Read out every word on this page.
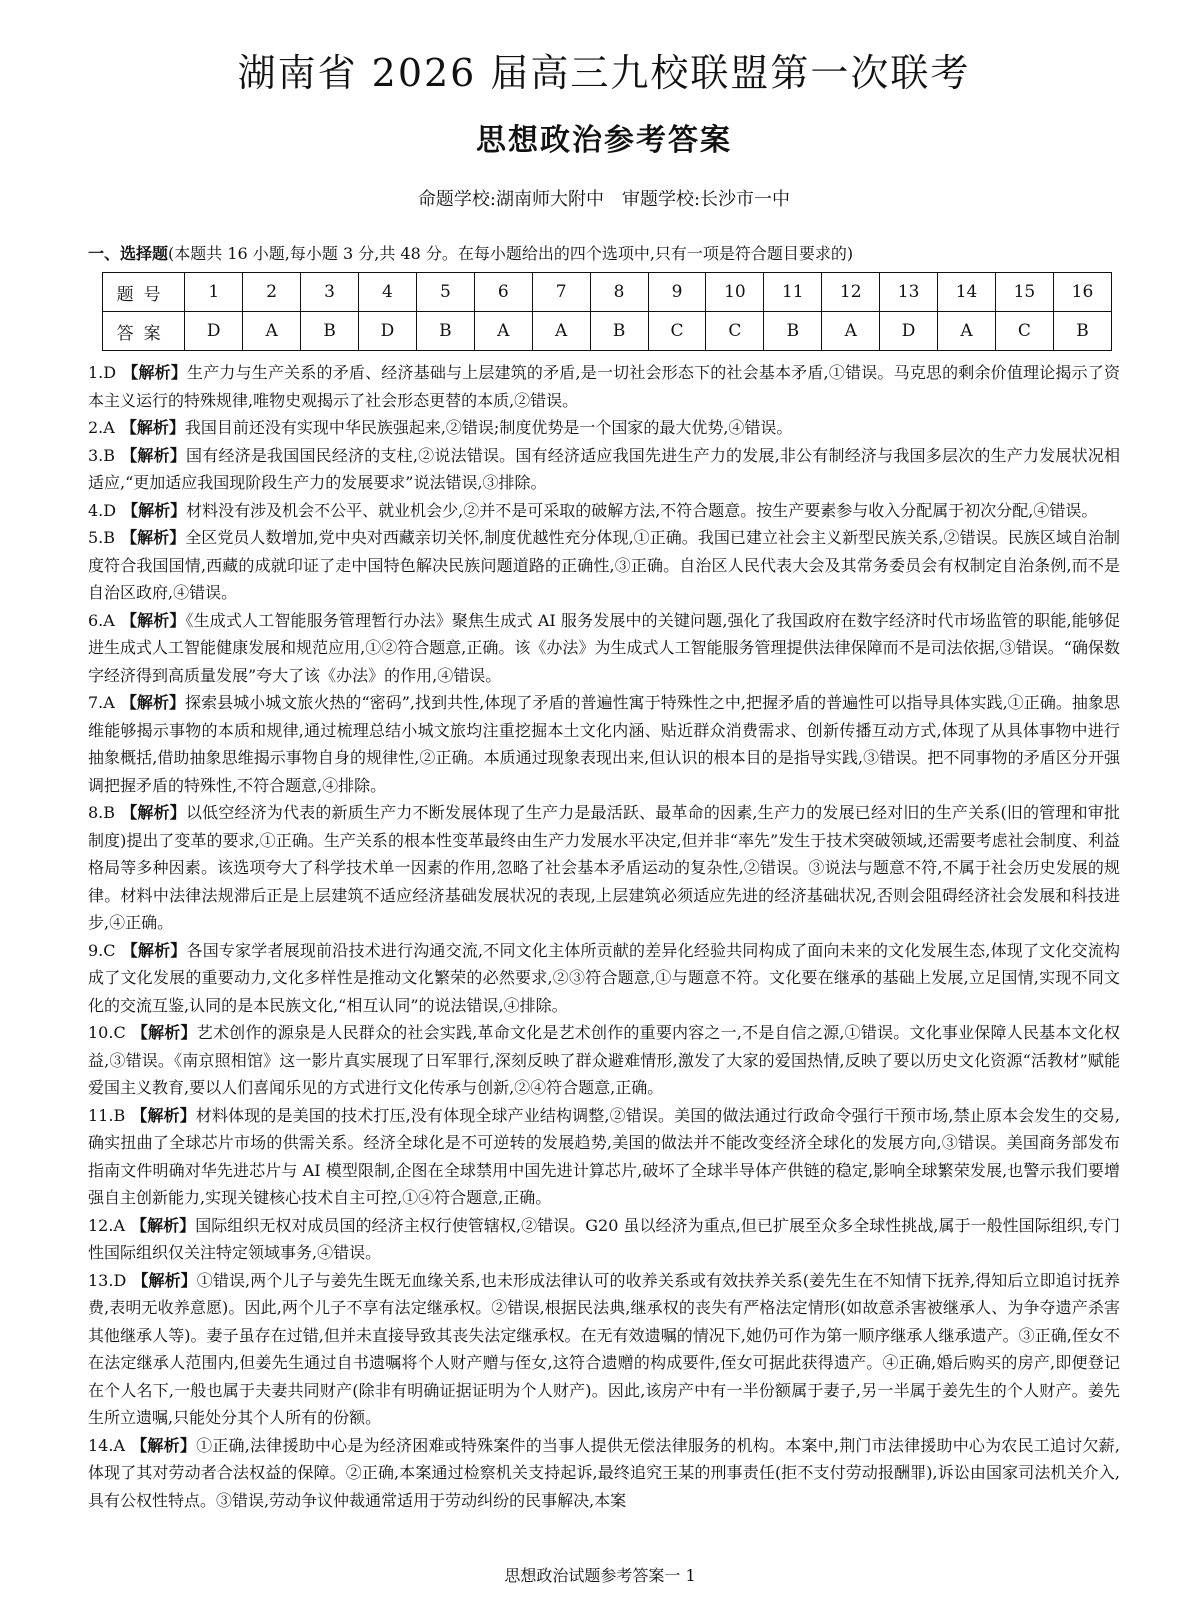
湖南省 2026 届高三九校联盟第一次联考
思想政治参考答案

命题学校:湖南师大附中　审题学校:长沙市一中

一、选择题(本题共 16 小题,每小题 3 分,共 48 分。在每小题给出的四个选项中,只有一项是符合题目要求的)
题号	1	2	3	4	5	6	7	8	9	10	11	12	13	14	15	16
答案	D	A	B	D	B	A	A	B	C	C	B	A	D	A	C	B

1.D 【解析】生产力与生产关系的矛盾、经济基础与上层建筑的矛盾,是一切社会形态下的社会基本矛盾,①错误。马克思的剩余价值理论揭示了资本主义运行的特殊规律,唯物史观揭示了社会形态更替的本质,②错误。

2.A 【解析】我国目前还没有实现中华民族强起来,②错误;制度优势是一个国家的最大优势,④错误。

3.B 【解析】国有经济是我国国民经济的支柱,②说法错误。国有经济适应我国先进生产力的发展,非公有制经济与我国多层次的生产力发展状况相适应,“更加适应我国现阶段生产力的发展要求”说法错误,③排除。

4.D 【解析】材料没有涉及机会不公平、就业机会少,②并不是可采取的破解方法,不符合题意。按生产要素参与收入分配属于初次分配,④错误。

5.B 【解析】全区党员人数增加,党中央对西藏亲切关怀,制度优越性充分体现,①正确。我国已建立社会主义新型民族关系,②错误。民族区域自治制度符合我国国情,西藏的成就印证了走中国特色解决民族问题道路的正确性,③正确。自治区人民代表大会及其常务委员会有权制定自治条例,而不是自治区政府,④错误。

6.A 【解析】《生成式人工智能服务管理暂行办法》聚焦生成式 AI 服务发展中的关键问题,强化了我国政府在数字经济时代市场监管的职能,能够促进生成式人工智能健康发展和规范应用,①②符合题意,正确。该《办法》为生成式人工智能服务管理提供法律保障而不是司法依据,③错误。“确保数字经济得到高质量发展”夸大了该《办法》的作用,④错误。

7.A 【解析】探索县城小城文旅火热的“密码”,找到共性,体现了矛盾的普遍性寓于特殊性之中,把握矛盾的普遍性可以指导具体实践,①正确。抽象思维能够揭示事物的本质和规律,通过梳理总结小城文旅均注重挖掘本土文化内涵、贴近群众消费需求、创新传播互动方式,体现了从具体事物中进行抽象概括,借助抽象思维揭示事物自身的规律性,②正确。本质通过现象表现出来,但认识的根本目的是指导实践,③错误。把不同事物的矛盾区分开强调把握矛盾的特殊性,不符合题意,④排除。

8.B 【解析】以低空经济为代表的新质生产力不断发展体现了生产力是最活跃、最革命的因素,生产力的发展已经对旧的生产关系(旧的管理和审批制度)提出了变革的要求,①正确。生产关系的根本性变革最终由生产力发展水平决定,但并非“率先”发生于技术突破领域,还需要考虑社会制度、利益格局等多种因素。该选项夸大了科学技术单一因素的作用,忽略了社会基本矛盾运动的复杂性,②错误。③说法与题意不符,不属于社会历史发展的规律。材料中法律法规滞后正是上层建筑不适应经济基础发展状况的表现,上层建筑必须适应先进的经济基础状况,否则会阻碍经济社会发展和科技进步,④正确。

9.C 【解析】各国专家学者展现前沿技术进行沟通交流,不同文化主体所贡献的差异化经验共同构成了面向未来的文化发展生态,体现了文化交流构成了文化发展的重要动力,文化多样性是推动文化繁荣的必然要求,②③符合题意,①与题意不符。文化要在继承的基础上发展,立足国情,实现不同文化的交流互鉴,认同的是本民族文化,“相互认同”的说法错误,④排除。

10.C 【解析】艺术创作的源泉是人民群众的社会实践,革命文化是艺术创作的重要内容之一,不是自信之源,①错误。文化事业保障人民基本文化权益,③错误。《南京照相馆》这一影片真实展现了日军罪行,深刻反映了群众避难情形,激发了大家的爱国热情,反映了要以历史文化资源“活教材”赋能爱国主义教育,要以人们喜闻乐见的方式进行文化传承与创新,②④符合题意,正确。

11.B 【解析】材料体现的是美国的技术打压,没有体现全球产业结构调整,②错误。美国的做法通过行政命令强行干预市场,禁止原本会发生的交易,确实扭曲了全球芯片市场的供需关系。经济全球化是不可逆转的发展趋势,美国的做法并不能改变经济全球化的发展方向,③错误。美国商务部发布指南文件明确对华先进芯片与 AI 模型限制,企图在全球禁用中国先进计算芯片,破坏了全球半导体产供链的稳定,影响全球繁荣发展,也警示我们要增强自主创新能力,实现关键核心技术自主可控,①④符合题意,正确。

12.A 【解析】国际组织无权对成员国的经济主权行使管辖权,②错误。G20 虽以经济为重点,但已扩展至众多全球性挑战,属于一般性国际组织,专门性国际组织仅关注特定领域事务,④错误。

13.D 【解析】①错误,两个儿子与姜先生既无血缘关系,也未形成法律认可的收养关系或有效扶养关系(姜先生在不知情下抚养,得知后立即追讨抚养费,表明无收养意愿)。因此,两个儿子不享有法定继承权。②错误,根据民法典,继承权的丧失有严格法定情形(如故意杀害被继承人、为争夺遗产杀害其他继承人等)。妻子虽存在过错,但并未直接导致其丧失法定继承权。在无有效遗嘱的情况下,她仍可作为第一顺序继承人继承遗产。③正确,侄女不在法定继承人范围内,但姜先生通过自书遗嘱将个人财产赠与侄女,这符合遗赠的构成要件,侄女可据此获得遗产。④正确,婚后购买的房产,即便登记在个人名下,一般也属于夫妻共同财产(除非有明确证据证明为个人财产)。因此,该房产中有一半份额属于妻子,另一半属于姜先生的个人财产。姜先生所立遗嘱,只能处分其个人所有的份额。

14.A 【解析】①正确,法律援助中心是为经济困难或特殊案件的当事人提供无偿法律服务的机构。本案中,荆门市法律援助中心为农民工追讨欠薪,体现了其对劳动者合法权益的保障。②正确,本案通过检察机关支持起诉,最终追究王某的刑事责任(拒不支付劳动报酬罪),诉讼由国家司法机关介入,具有公权性特点。③错误,劳动争议仲裁通常适用于劳动纠纷的民事解决,本案

思想政治试题参考答案一 1
